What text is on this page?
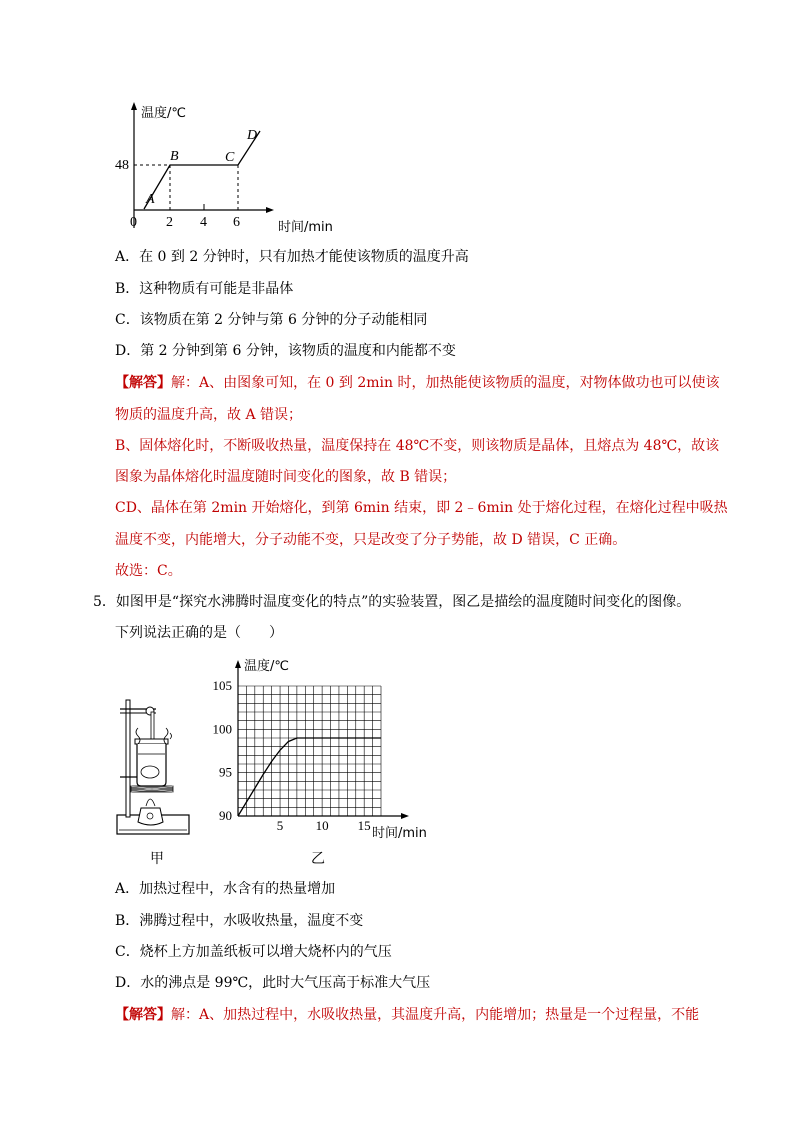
温度/℃
48
0 2 4 6	时间/min
A
B	C
D
A．在 0 到 2 分钟时，只有加热才能使该物质的温度升高
B．这种物质有可能是非晶体
C．该物质在第 2 分钟与第 6 分钟的分子动能相同
D．第 2 分钟到第 6 分钟，该物质的温度和内能都不变
【解答】解：A、由图象可知，在 0 到 2min 时，加热能使该物质的温度，对物体做功也可以使该
物质的温度升高，故 A 错误；
B、固体熔化时，不断吸收热量，温度保持在 48℃不变，则该物质是晶体，且熔点为 48℃，故该
图象为晶体熔化时温度随时间变化的图象，故 B 错误；
CD、晶体在第 2min 开始熔化，到第 6min 结束，即 2﹣6min 处于熔化过程，在熔化过程中吸热
温度不变，内能增大，分子动能不变，只是改变了分子势能，故 D 错误，C 正确。
故选：C。
5．如图甲是“探究水沸腾时温度变化的特点”的实验装置，图乙是描绘的温度随时间变化的图像。
下列说法正确的是（　　）
90
95
100
105
5 10 15
温度/℃
时间/min
甲	乙
A．加热过程中，水含有的热量增加
B．沸腾过程中，水吸收热量，温度不变
C．烧杯上方加盖纸板可以增大烧杯内的气压
D．水的沸点是 99℃，此时大气压高于标准大气压
【解答】解：A、加热过程中，水吸收热量，其温度升高，内能增加；热量是一个过程量，不能
